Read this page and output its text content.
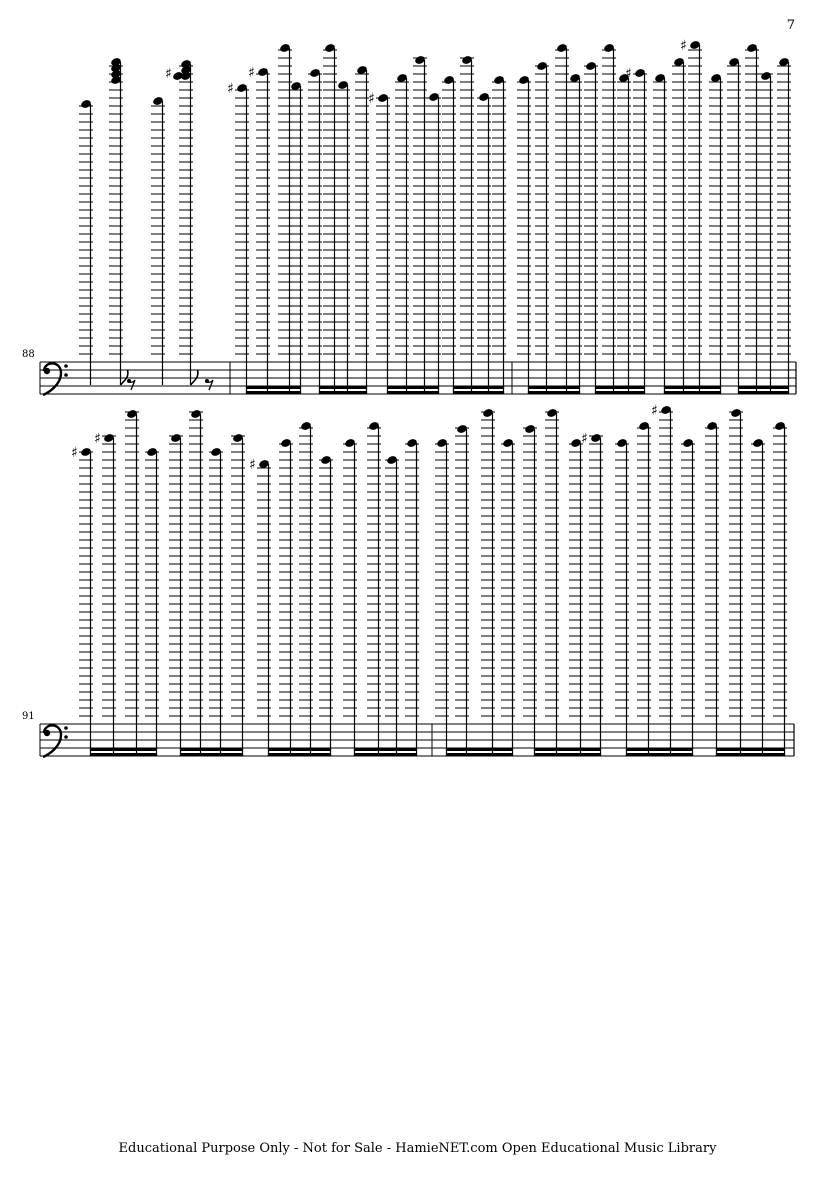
7
88
91
♯
♯
♯
♯
♯
♯
♯
♯
♯
♯
♯
Educational Purpose Only - Not for Sale - HamieNET.com Open Educational Music Library
